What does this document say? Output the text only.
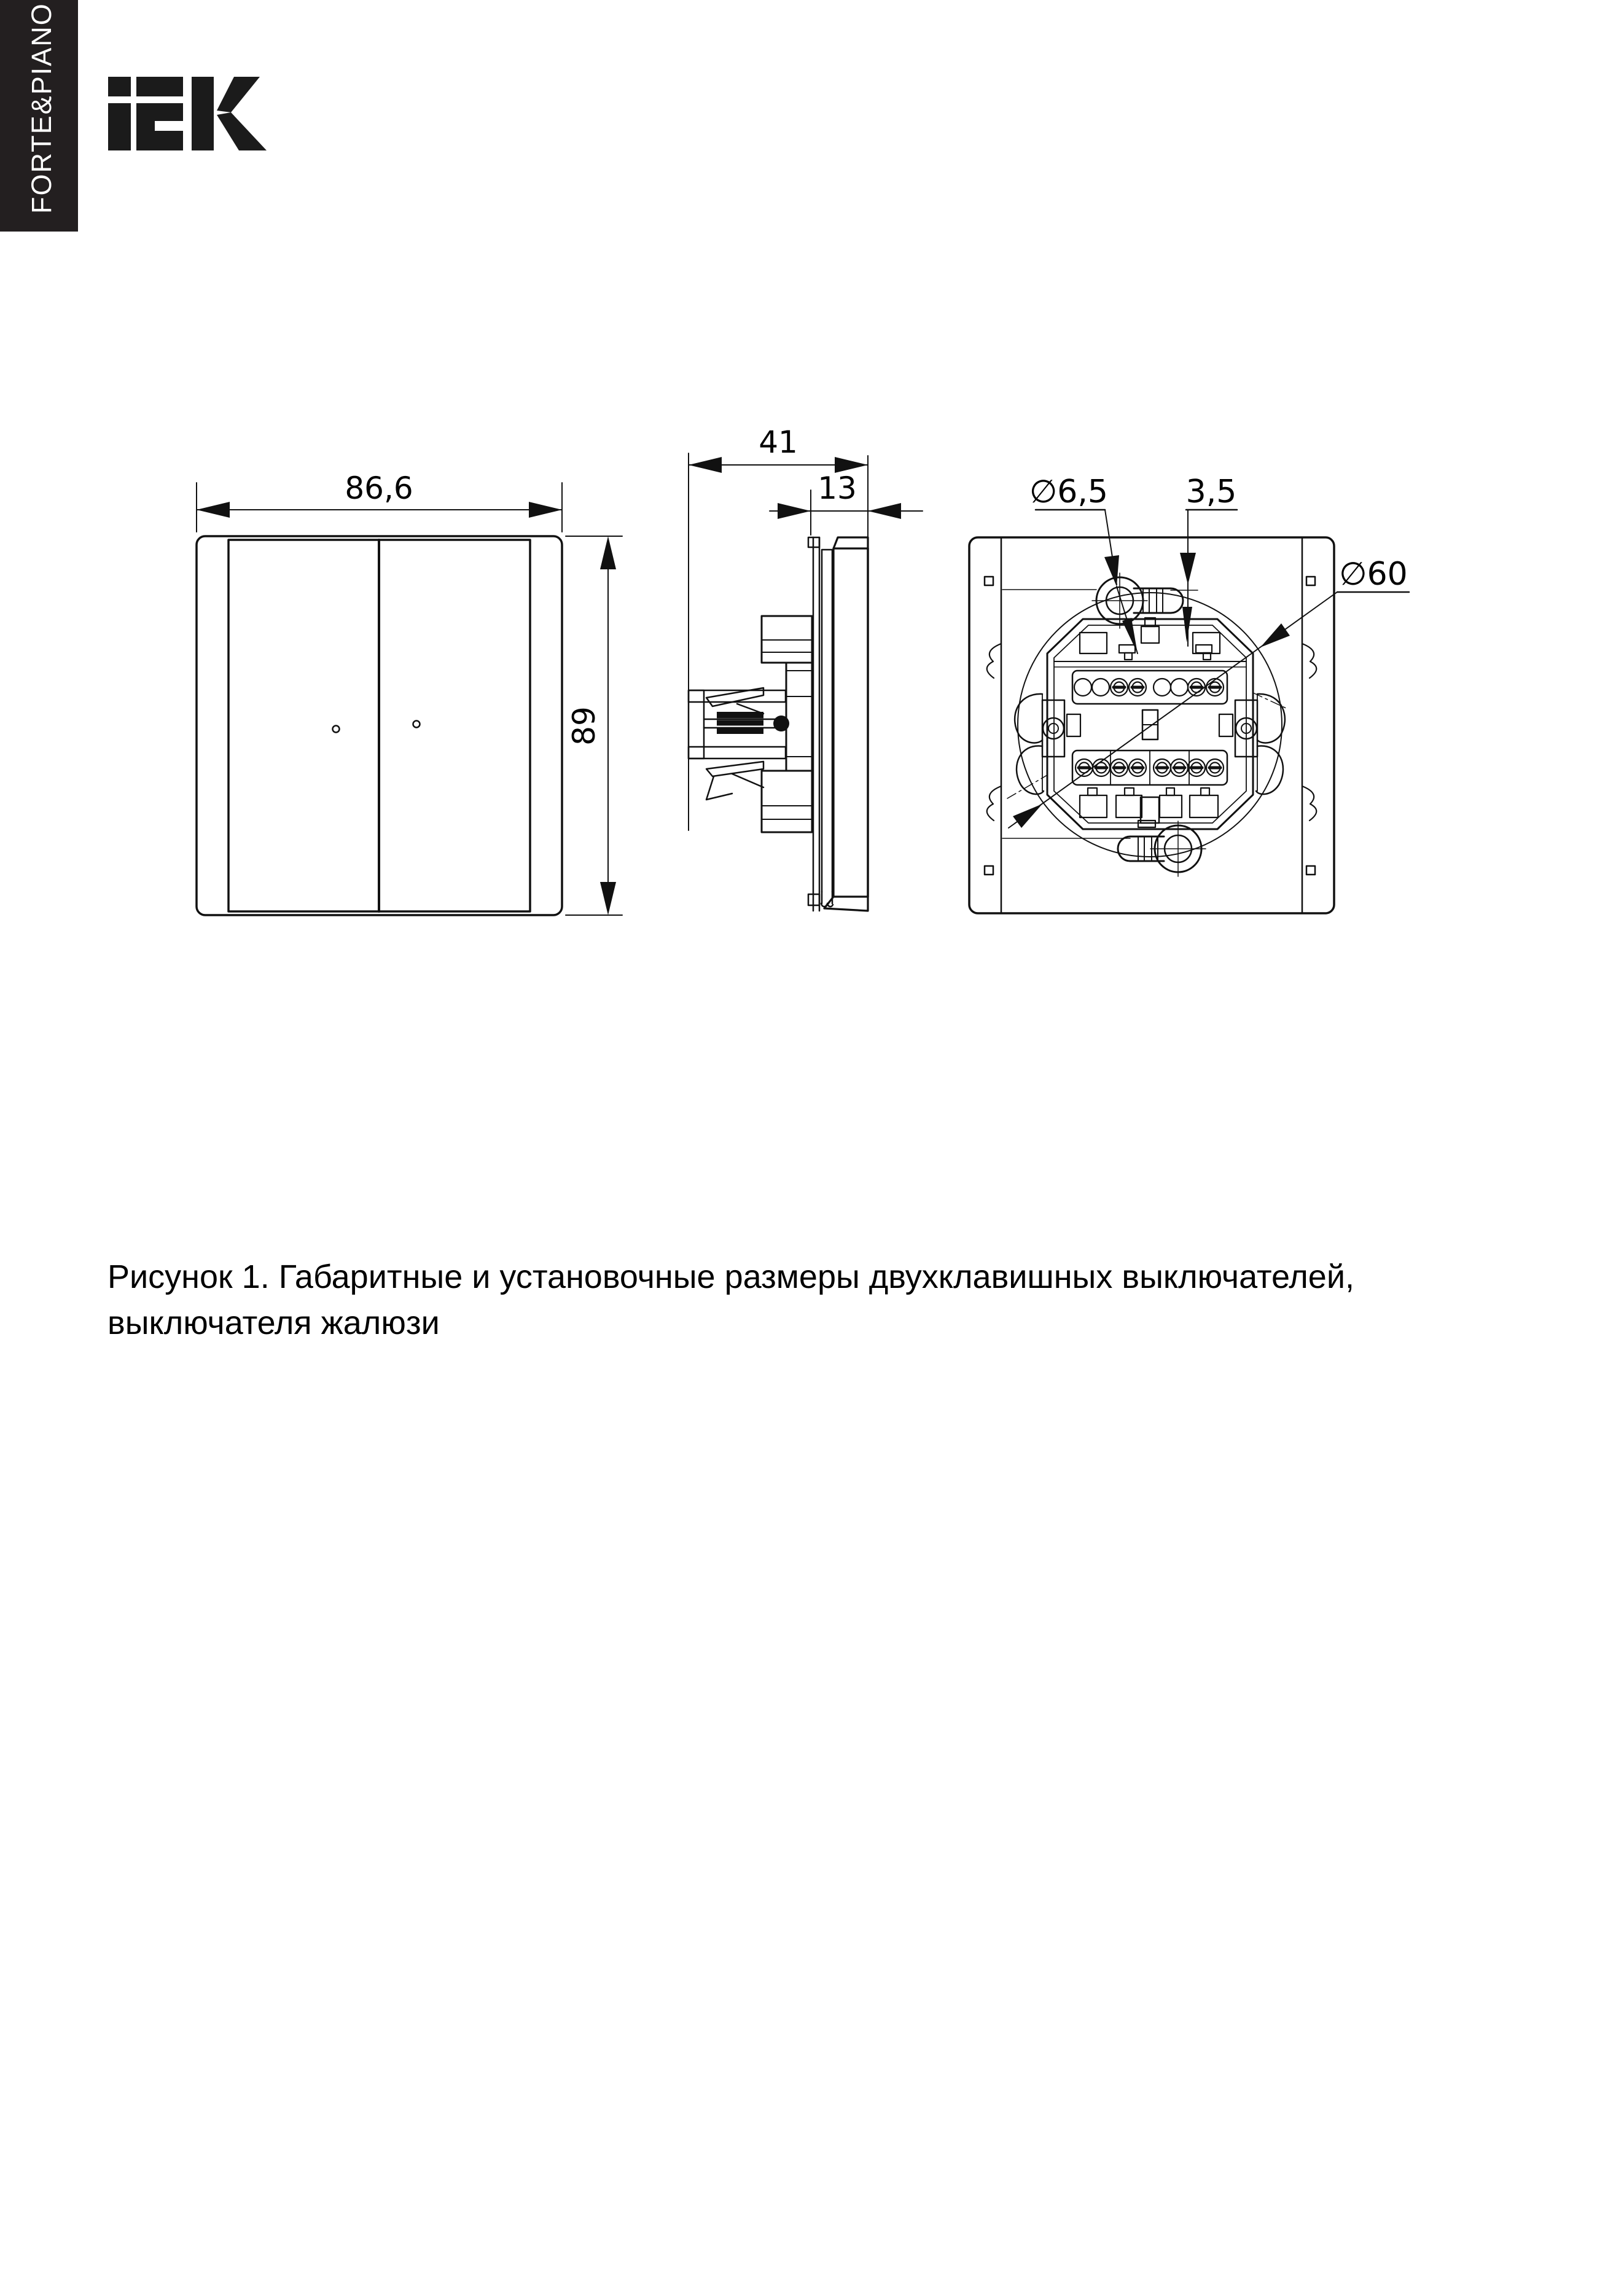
FORTE&PIANO
86,6
89
41
13	∅6,5 3,5
∅60
Рисунок 1. Габаритные и установочные размеры двухклавишных выключателей,
выключателя жалюзи
